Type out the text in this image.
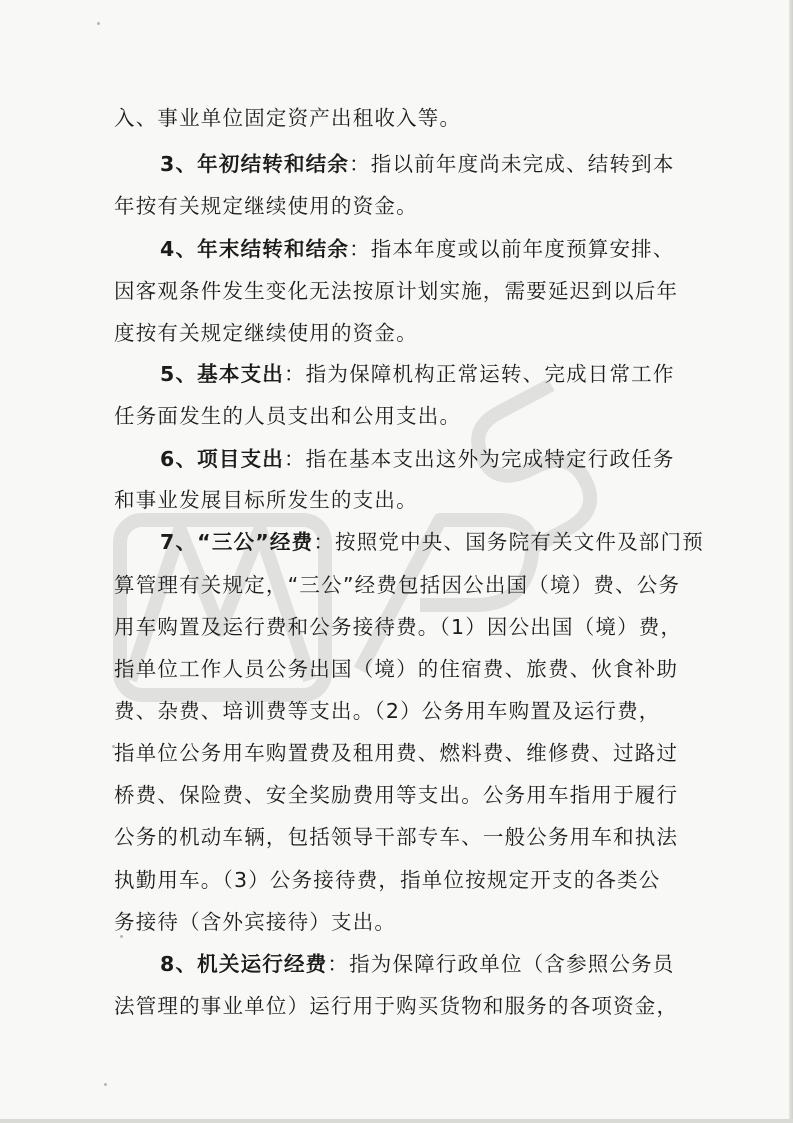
入、事业单位固定资产出租收入等。
3、年初结转和结余：指以前年度尚未完成、结转到本
年按有关规定继续使用的资金。
4、年末结转和结余：指本年度或以前年度预算安排、
因客观条件发生变化无法按原计划实施，需要延迟到以后年
度按有关规定继续使用的资金。
5、基本支出：指为保障机构正常运转、完成日常工作
任务面发生的人员支出和公用支出。
6、项目支出：指在基本支出这外为完成特定行政任务
和事业发展目标所发生的支出。
7、“三公”经费：按照党中央、国务院有关文件及部门预
算管理有关规定，“三公”经费包括因公出国（境）费、公务
用车购置及运行费和公务接待费。（1）因公出国（境）费，
指单位工作人员公务出国（境）的住宿费、旅费、伙食补助
费、杂费、培训费等支出。（2）公务用车购置及运行费，
指单位公务用车购置费及租用费、燃料费、维修费、过路过
桥费、保险费、安全奖励费用等支出。公务用车指用于履行
公务的机动车辆，包括领导干部专车、一般公务用车和执法
执勤用车。（3）公务接待费，指单位按规定开支的各类公
务接待（含外宾接待）支出。
8、机关运行经费：指为保障行政单位（含参照公务员
法管理的事业单位）运行用于购买货物和服务的各项资金，
